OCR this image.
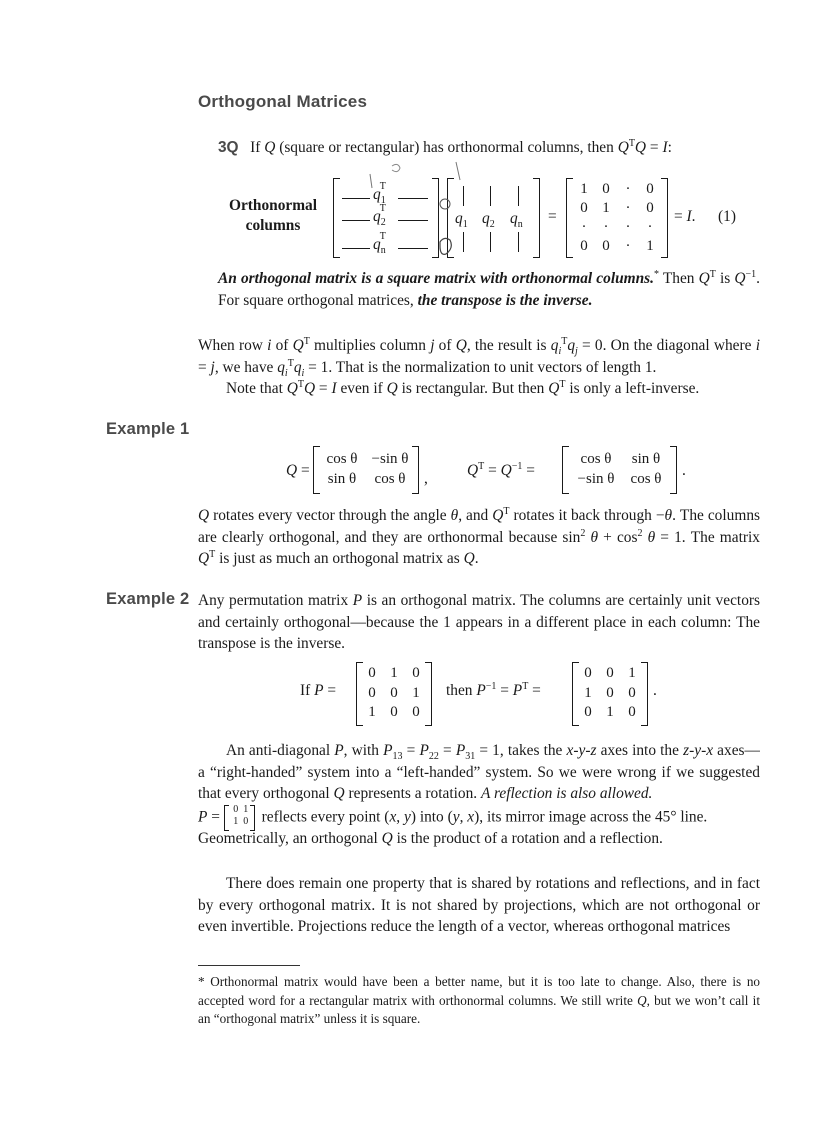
Orthogonal Matrices
3Q If Q (square or rectangular) has orthonormal columns, then $Q^TQ = I$:
Orthonormal
columns
$q_1^T$
$q_2^T$
$q_n^T$
$q_1$ $q_2$ $q_n$ =
1 0	·	0
0 1	·	0
·	·	·	·
0 0	·	1
= I. (1)
An orthogonal matrix is a square matrix with orthonormal columns.* Then $Q^T$ is $Q^{-1}$. For square orthogonal matrices, the transpose is the inverse.
When row i of $Q^T$ multiplies column j of Q, the result is $q_i^Tq_j = 0$. On the diagonal where i = j, we have $q_i^Tq_i = 1$. That is the normalization to unit vectors of length 1.
Note that $Q^TQ = I$ even if Q is rectangular. But then $Q^T$ is only a left-inverse.
Example 1
Q =
cos θ −sin θ
sin θ	cos θ	,	$Q^T = Q^{-1}$ =
cos θ	sin θ
−sin θ	cos θ	.
Q rotates every vector through the angle θ, and $Q^T$ rotates it back through −θ. The columns are clearly orthogonal, and they are orthonormal because $\sin^2 \theta + \cos^2 \theta = 1$. The matrix $Q^T$ is just as much an orthogonal matrix as Q.
Example 2 Any permutation matrix P is an orthogonal matrix. The columns are certainly unit vectors and certainly orthogonal—because the 1 appears in a different place in each column: The transpose is the inverse.
If P =
0 1 0
0 0 1
1 0 0
then $P^{-1} = P^T$ =
0 0 1
1 0 0
0 1 0
.
An anti-diagonal P, with $P_{13} = P_{22} = P_{31} = 1$, takes the x-y-z axes into the z-y-x axes—a “right-handed” system into a “left-handed” system. So we were wrong if we suggested that every orthogonal Q represents a rotation. A reflection is also allowed.
P = 0 1
1 0 reflects every point (x, y) into (y, x), its mirror image across the 45° line.
Geometrically, an orthogonal Q is the product of a rotation and a reflection.
There does remain one property that is shared by rotations and reflections, and in fact by every orthogonal matrix. It is not shared by projections, which are not orthogonal or even invertible. Projections reduce the length of a vector, whereas orthogonal matrices
* Orthonormal matrix would have been a better name, but it is too late to change. Also, there is no accepted word for a rectangular matrix with orthonormal columns. We still write Q, but we won’t call it an “orthogonal matrix” unless it is square.
